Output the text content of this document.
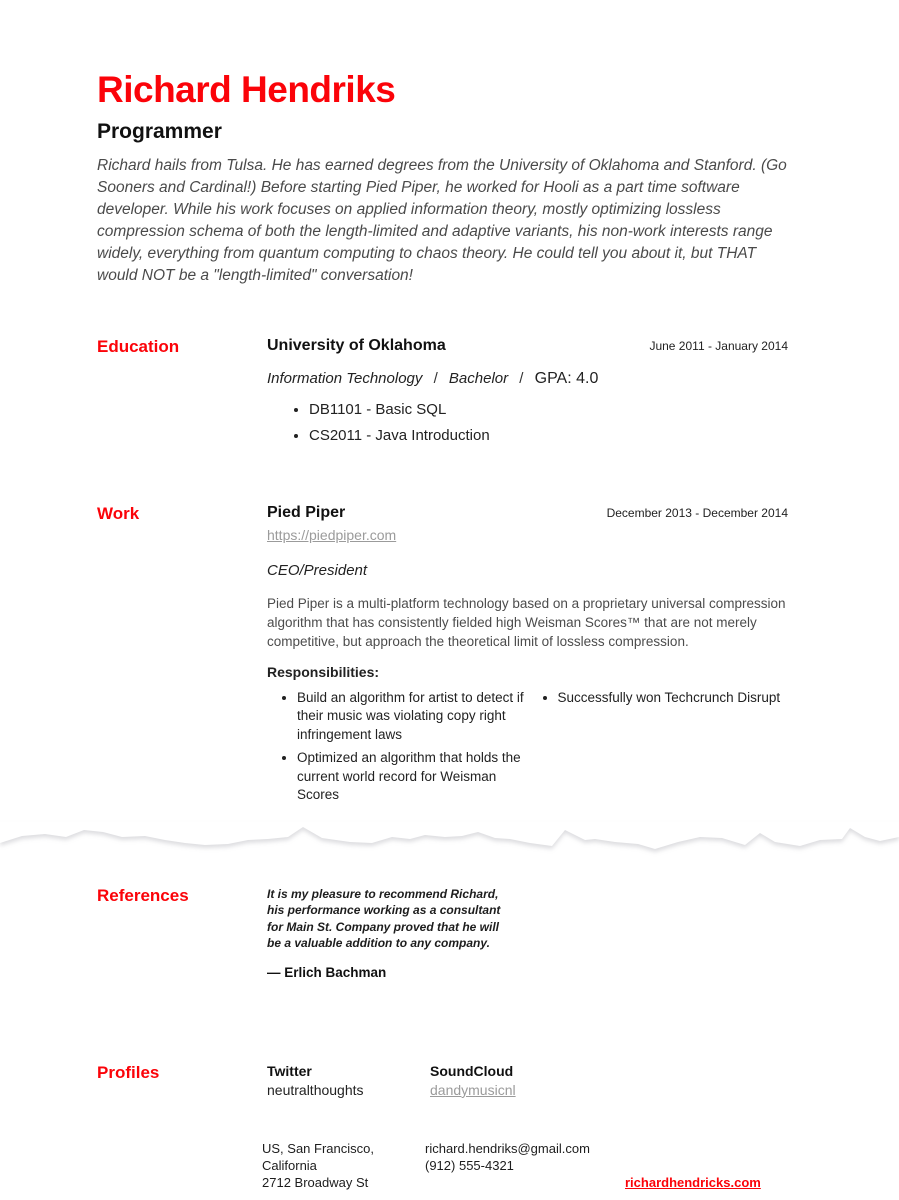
Richard Hendriks
Programmer

Richard hails from Tulsa. He has earned degrees from the University of Oklahoma and Stanford. (Go Sooners and Cardinal!) Before starting Pied Piper, he worked for Hooli as a part time software developer. While his work focuses on applied information theory, mostly optimizing lossless compression schema of both the length-limited and adaptive variants, his non-work interests range widely, everything from quantum computing to chaos theory. He could tell you about it, but THAT would NOT be a "length-limited" conversation!

Education	University of Oklahoma	June 2011 - January 2014
Information Technology / Bachelor / GPA: 4.0
• DB1101 - Basic SQL
• CS2011 - Java Introduction
Work	Pied Piper	December 2013 - December 2014
https://piedpiper.com
CEO/President

Pied Piper is a multi-platform technology based on a proprietary universal compression algorithm that has consistently fielded high Weisman Scores™ that are not merely competitive, but approach the theoretical limit of lossless compression.

Responsibilities:
• Build an algorithm for artist to detect if their music was violating copy right infringement laws
• Optimized an algorithm that holds the current world record for Weisman Scores
• Successfully won Techcrunch Disrupt
References	It is my pleasure to recommend Richard, his performance working as a consultant for Main St. Company proved that he will be a valuable addition to any company.

— Erlich Bachman
Profiles	Twitter
neutralthoughts
SoundCloud
dandymusicnl
US, San Francisco, California
2712 Broadway St
richard.hendriks@gmail.com
(912) 555-4321
richardhendricks.com
